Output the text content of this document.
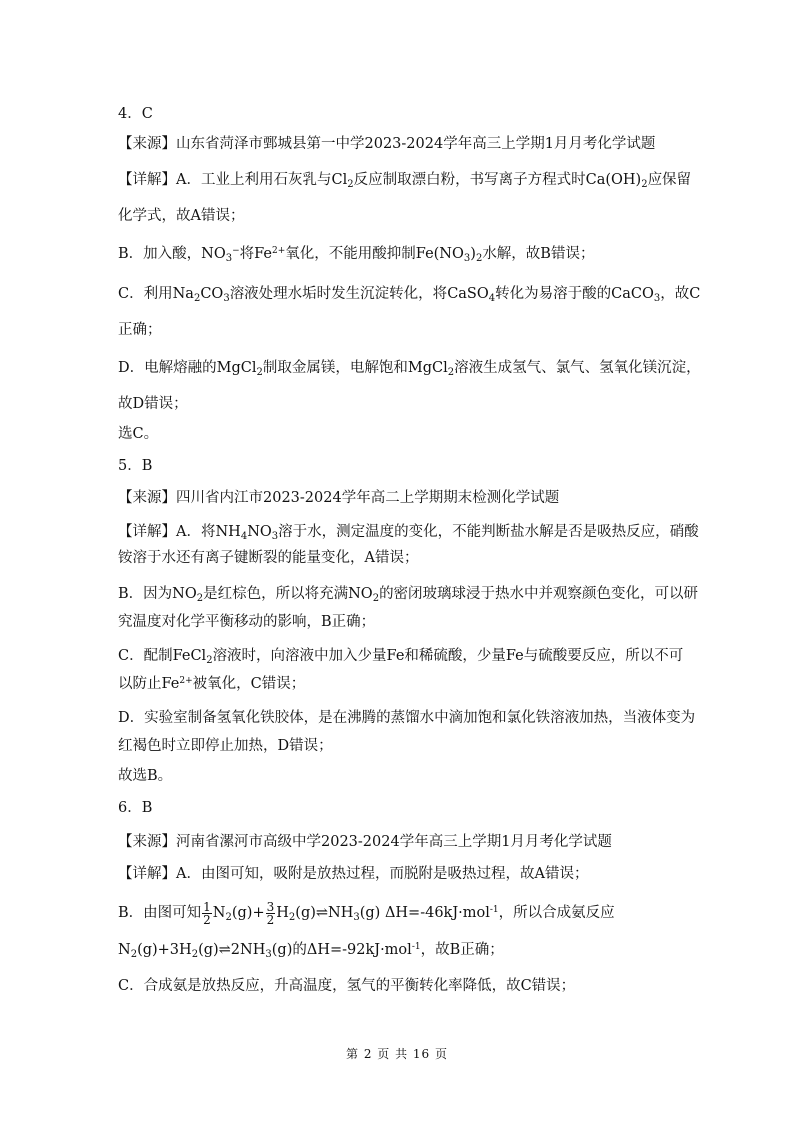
4．C
【来源】山东省菏泽市鄄城县第一中学2023-2024学年高三上学期1月月考化学试题
【详解】A．工业上利用石灰乳与$Cl_2$反应制取漂白粉，书写离子方程式时$Ca(OH)_2$应保留
化学式，故A错误；
B．加入酸，$NO_3^-$将$Fe^{2+}$氧化，不能用酸抑制$Fe(NO_3)_2$水解，故B错误；
C．利用$Na_2CO_3$溶液处理水垢时发生沉淀转化，将CaSO$_4$转化为易溶于酸的CaCO$_3$，故C
正确；
D．电解熔融的MgCl$_2$制取金属镁，电解饱和MgCl$_2$溶液生成氢气、氯气、氢氧化镁沉淀，
故D错误；
选C。
5．B
【来源】四川省内江市2023-2024学年高二上学期期末检测化学试题
【详解】A．将$NH_4NO_3$溶于水，测定温度的变化，不能判断盐水解是否是吸热反应，硝酸
铵溶于水还有离子键断裂的能量变化，A错误；
B．因为$NO_2$是红棕色，所以将充满$NO_2$的密闭玻璃球浸于热水中并观察颜色变化，可以研
究温度对化学平衡移动的影响，B正确；
C．配制FeCl$_2$溶液时，向溶液中加入少量Fe和稀硫酸，少量Fe与硫酸要反应，所以不可
以防止$Fe^{2+}$被氧化，C错误；
D．实验室制备氢氧化铁胶体，是在沸腾的蒸馏水中滴加饱和氯化铁溶液加热，当液体变为
红褐色时立即停止加热，D错误；
故选B。
6．B
【来源】河南省漯河市高级中学2023-2024学年高三上学期1月月考化学试题
【详解】A．由图可知，吸附是放热过程，而脱附是吸热过程，故A错误；
B．由图可知 $\frac{1}{2} N_2(g)+ \frac{3}{2}$ $H_2(g)\rightleftharpoons NH_3(g)$ ΔH=-46kJ·mol$^{-1}$，所以合成氨反应
$N_2(g)+3H_2(g)\rightleftharpoons 2NH_3(g)$的ΔH=-92kJ·mol$^{-1}$，故B正确；
C．合成氨是放热反应，升高温度，氢气的平衡转化率降低，故C错误；
第 2 页 共 16 页
